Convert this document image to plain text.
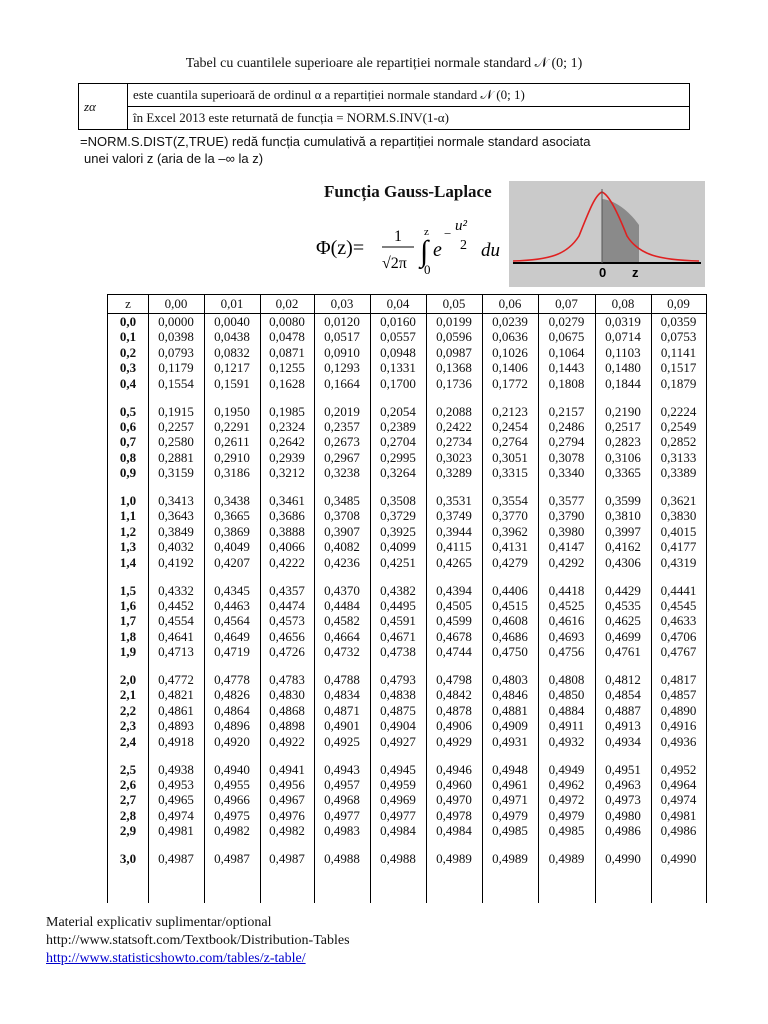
Tabel cu cuantilele superioare ale repartiției normale standard 𝒩 (0; 1)
zα	este cuantila superioară de ordinul α a repartiției normale standard 𝒩 (0; 1)
în Excel 2013 este returnată de funcția = NORM.S.INV(1-α)
=NORM.S.DIST(Z,TRUE) redă funcția cumulativă a repartiției normale standard asociata
unei valori z (aria de la –∞ la z)
Funcția Gauss-Laplace
Φ(z)=
1
√2π ∫
z
0
e
− u²
2 du
0 z
z	0,00	0,01	0,02	0,03	0,04	0,05	0,06	0,07	0,08	0,09
0,0	0,0000	0,0040	0,0080	0,0120	0,0160	0,0199	0,0239	0,0279	0,0319	0,0359
0,1	0,0398	0,0438	0,0478	0,0517	0,0557	0,0596	0,0636	0,0675	0,0714	0,0753
0,2	0,0793	0,0832	0,0871	0,0910	0,0948	0,0987	0,1026	0,1064	0,1103	0,1141
0,3	0,1179	0,1217	0,1255	0,1293	0,1331	0,1368	0,1406	0,1443	0,1480	0,1517
0,4	0,1554	0,1591	0,1628	0,1664	0,1700	0,1736	0,1772	0,1808	0,1844	0,1879
0,5	0,1915	0,1950	0,1985	0,2019	0,2054	0,2088	0,2123	0,2157	0,2190	0,2224
0,6	0,2257	0,2291	0,2324	0,2357	0,2389	0,2422	0,2454	0,2486	0,2517	0,2549
0,7	0,2580	0,2611	0,2642	0,2673	0,2704	0,2734	0,2764	0,2794	0,2823	0,2852
0,8	0,2881	0,2910	0,2939	0,2967	0,2995	0,3023	0,3051	0,3078	0,3106	0,3133
0,9	0,3159	0,3186	0,3212	0,3238	0,3264	0,3289	0,3315	0,3340	0,3365	0,3389
1,0	0,3413	0,3438	0,3461	0,3485	0,3508	0,3531	0,3554	0,3577	0,3599	0,3621
1,1	0,3643	0,3665	0,3686	0,3708	0,3729	0,3749	0,3770	0,3790	0,3810	0,3830
1,2	0,3849	0,3869	0,3888	0,3907	0,3925	0,3944	0,3962	0,3980	0,3997	0,4015
1,3	0,4032	0,4049	0,4066	0,4082	0,4099	0,4115	0,4131	0,4147	0,4162	0,4177
1,4	0,4192	0,4207	0,4222	0,4236	0,4251	0,4265	0,4279	0,4292	0,4306	0,4319
1,5	0,4332	0,4345	0,4357	0,4370	0,4382	0,4394	0,4406	0,4418	0,4429	0,4441
1,6	0,4452	0,4463	0,4474	0,4484	0,4495	0,4505	0,4515	0,4525	0,4535	0,4545
1,7	0,4554	0,4564	0,4573	0,4582	0,4591	0,4599	0,4608	0,4616	0,4625	0,4633
1,8	0,4641	0,4649	0,4656	0,4664	0,4671	0,4678	0,4686	0,4693	0,4699	0,4706
1,9	0,4713	0,4719	0,4726	0,4732	0,4738	0,4744	0,4750	0,4756	0,4761	0,4767
2,0	0,4772	0,4778	0,4783	0,4788	0,4793	0,4798	0,4803	0,4808	0,4812	0,4817
2,1	0,4821	0,4826	0,4830	0,4834	0,4838	0,4842	0,4846	0,4850	0,4854	0,4857
2,2	0,4861	0,4864	0,4868	0,4871	0,4875	0,4878	0,4881	0,4884	0,4887	0,4890
2,3	0,4893	0,4896	0,4898	0,4901	0,4904	0,4906	0,4909	0,4911	0,4913	0,4916
2,4	0,4918	0,4920	0,4922	0,4925	0,4927	0,4929	0,4931	0,4932	0,4934	0,4936
2,5	0,4938	0,4940	0,4941	0,4943	0,4945	0,4946	0,4948	0,4949	0,4951	0,4952
2,6	0,4953	0,4955	0,4956	0,4957	0,4959	0,4960	0,4961	0,4962	0,4963	0,4964
2,7	0,4965	0,4966	0,4967	0,4968	0,4969	0,4970	0,4971	0,4972	0,4973	0,4974
2,8	0,4974	0,4975	0,4976	0,4977	0,4977	0,4978	0,4979	0,4979	0,4980	0,4981
2,9	0,4981	0,4982	0,4982	0,4983	0,4984	0,4984	0,4985	0,4985	0,4986	0,4986
3,0	0,4987	0,4987	0,4987	0,4988	0,4988	0,4989	0,4989	0,4989	0,4990	0,4990
Material explicativ suplimentar/optional
http://www.statsoft.com/Textbook/Distribution-Tables
http://www.statisticshowto.com/tables/z-table/
